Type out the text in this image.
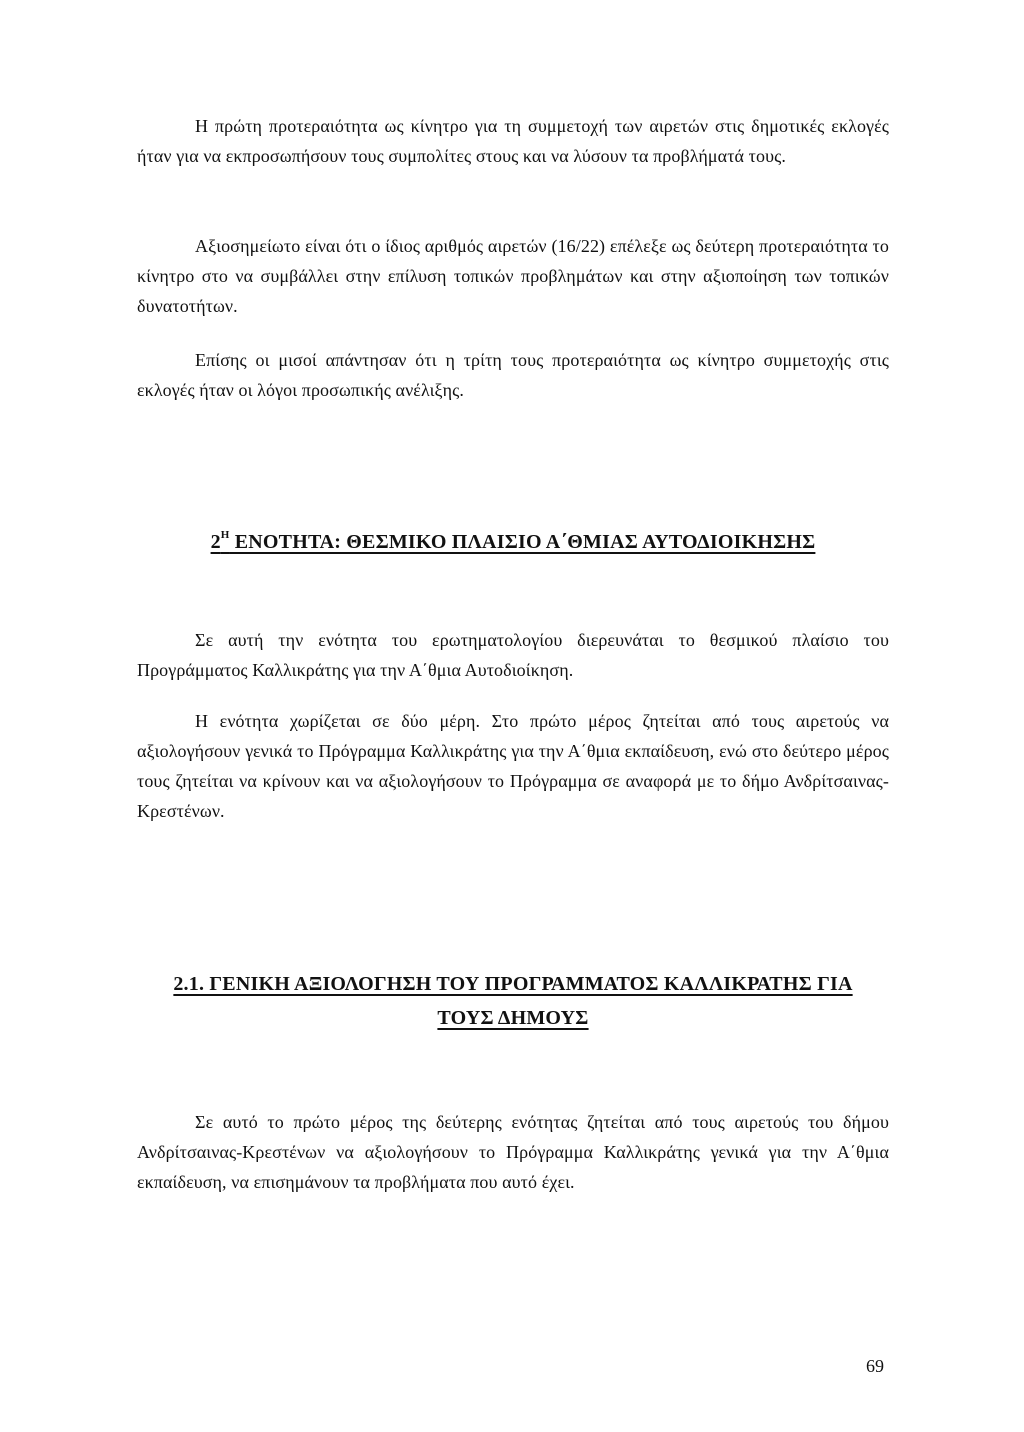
Η πρώτη προτεραιότητα ως κίνητρο για τη συμμετοχή των αιρετών στις δημοτικές εκλογές ήταν για να εκπροσωπήσουν τους συμπολίτες στους και να λύσουν τα προβλήματά τους.

Αξιοσημείωτο είναι ότι ο ίδιος αριθμός αιρετών (16/22) επέλεξε ως δεύτερη προτεραιότητα το κίνητρο στο να συμβάλλει στην επίλυση τοπικών προβλημάτων και στην αξιοποίηση των τοπικών δυνατοτήτων.

Επίσης οι μισοί απάντησαν ότι η τρίτη τους προτεραιότητα ως κίνητρο συμμετοχής στις εκλογές ήταν οι λόγοι προσωπικής ανέλιξης.

$2^H$ ΕΝΟΤΗΤΑ: ΘΕΣΜΙΚΟ ΠΛΑΙΣΙΟ Α΄ΘΜΙΑΣ ΑΥΤΟΔΙΟΙΚΗΣΗΣ

Σε αυτή την ενότητα του ερωτηματολογίου διερευνάται το θεσμικού πλαίσιο του Προγράμματος Καλλικράτης για την Α΄θμια Αυτοδιοίκηση.

Η ενότητα χωρίζεται σε δύο μέρη. Στο πρώτο μέρος ζητείται από τους αιρετούς να αξιολογήσουν γενικά το Πρόγραμμα Καλλικράτης για την Α΄θμια εκπαίδευση, ενώ στο δεύτερο μέρος τους ζητείται να κρίνουν και να αξιολογήσουν το Πρόγραμμα σε αναφορά με το δήμο Ανδρίτσαινας-Κρεστένων.

2.1. ΓΕΝΙΚΗ ΑΞΙΟΛΟΓΗΣΗ ΤΟΥ ΠΡΟΓΡΑΜΜΑΤΟΣ ΚΑΛΛΙΚΡΑΤΗΣ ΓΙΑ
ΤΟΥΣ ΔΗΜΟΥΣ

Σε αυτό το πρώτο μέρος της δεύτερης ενότητας ζητείται από τους αιρετούς του δήμου Ανδρίτσαινας-Κρεστένων να αξιολογήσουν το Πρόγραμμα Καλλικράτης γενικά για την Α΄θμια εκπαίδευση, να επισημάνουν τα προβλήματα που αυτό έχει.

69
